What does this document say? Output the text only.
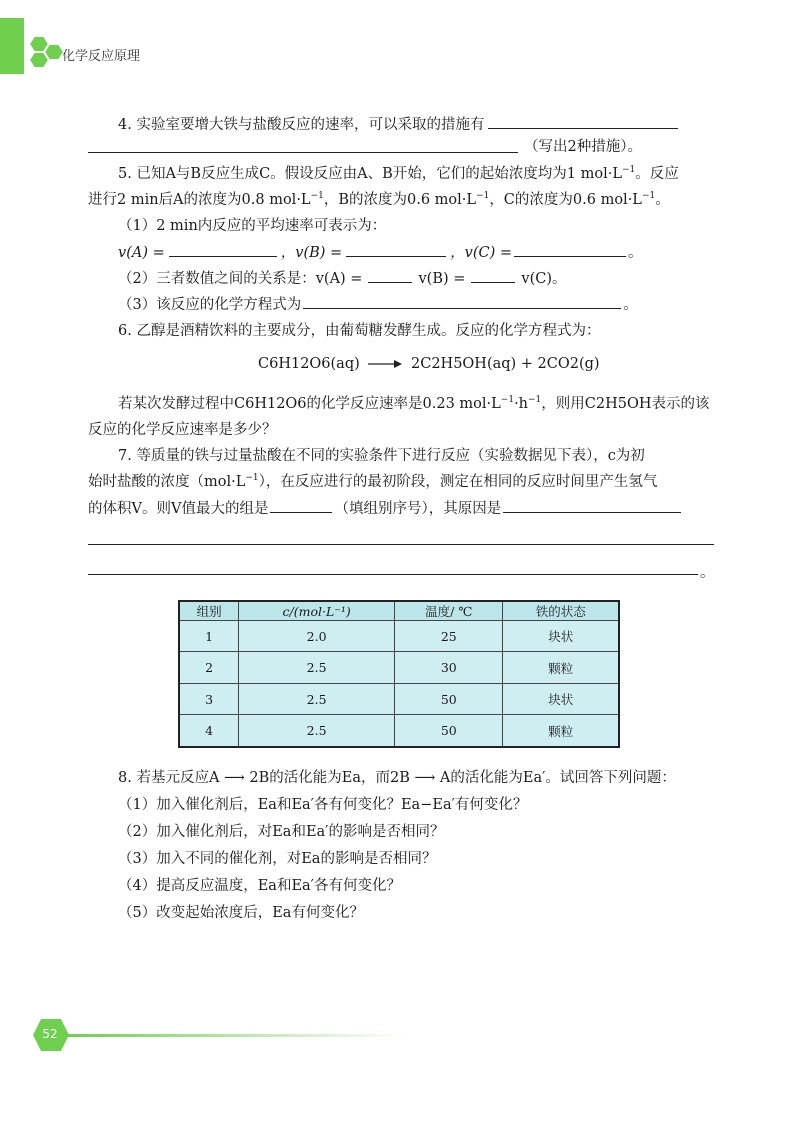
化学反应原理
4. 实验室要增大铁与盐酸反应的速率，可以采取的措施有
（写出2种措施）。
5. 已知A与B反应生成C。假设反应由A、B开始，它们的起始浓度均为1 $mol\cdot L^{-1}$。反应
进行2 min后A的浓度为0.8 $mol\cdot L^{-1}$，B的浓度为0.6 $mol\cdot L^{-1}$，C的浓度为0.6 $mol\cdot L^{-1}$。
（1）2 min内反应的平均速率可表示为：
v(A) =	，v(B) =	，v(C) =	。
（2）三者数值之间的关系是：v(A) =	v(B) =	v(C)。
（3）该反应的化学方程式为	。
6. 乙醇是酒精饮料的主要成分，由葡萄糖发酵生成。反应的化学方程式为：
C6H12O6(aq) → 2C2H5OH(aq) + 2CO2(g)
若某次发酵过程中C6H12O6的化学反应速率是0.23 $mol\cdot L^{-1}\cdot h^{-1}$，则用C2H5OH表示的该
反应的化学反应速率是多少？
7. 等质量的铁与过量盐酸在不同的实验条件下进行反应（实验数据见下表），c为初
始时盐酸的浓度$(mol\cdot L^{-1})$，在反应进行的最初阶段，测定在相同的反应时间里产生氢气
的体积V。则V值最大的组是	（填组别序号），其原因是
。
组别	c/(mol·L⁻¹)	温度/ ℃	铁的状态
1	2.0	25	块状
2	2.5	30	颗粒
3	2.5	50	块状
4	2.5	50	颗粒
8. 若基元反应A ⟶ 2B的活化能为Ea，而2B ⟶ A的活化能为Ea′。试回答下列问题：
（1）加入催化剂后，Ea和Ea′各有何变化？Ea−Ea′有何变化？
（2）加入催化剂后，对Ea和Ea′的影响是否相同？
（3）加入不同的催化剂，对Ea的影响是否相同？
（4）提高反应温度，Ea和Ea′各有何变化？
（5）改变起始浓度后，Ea有何变化？
52
